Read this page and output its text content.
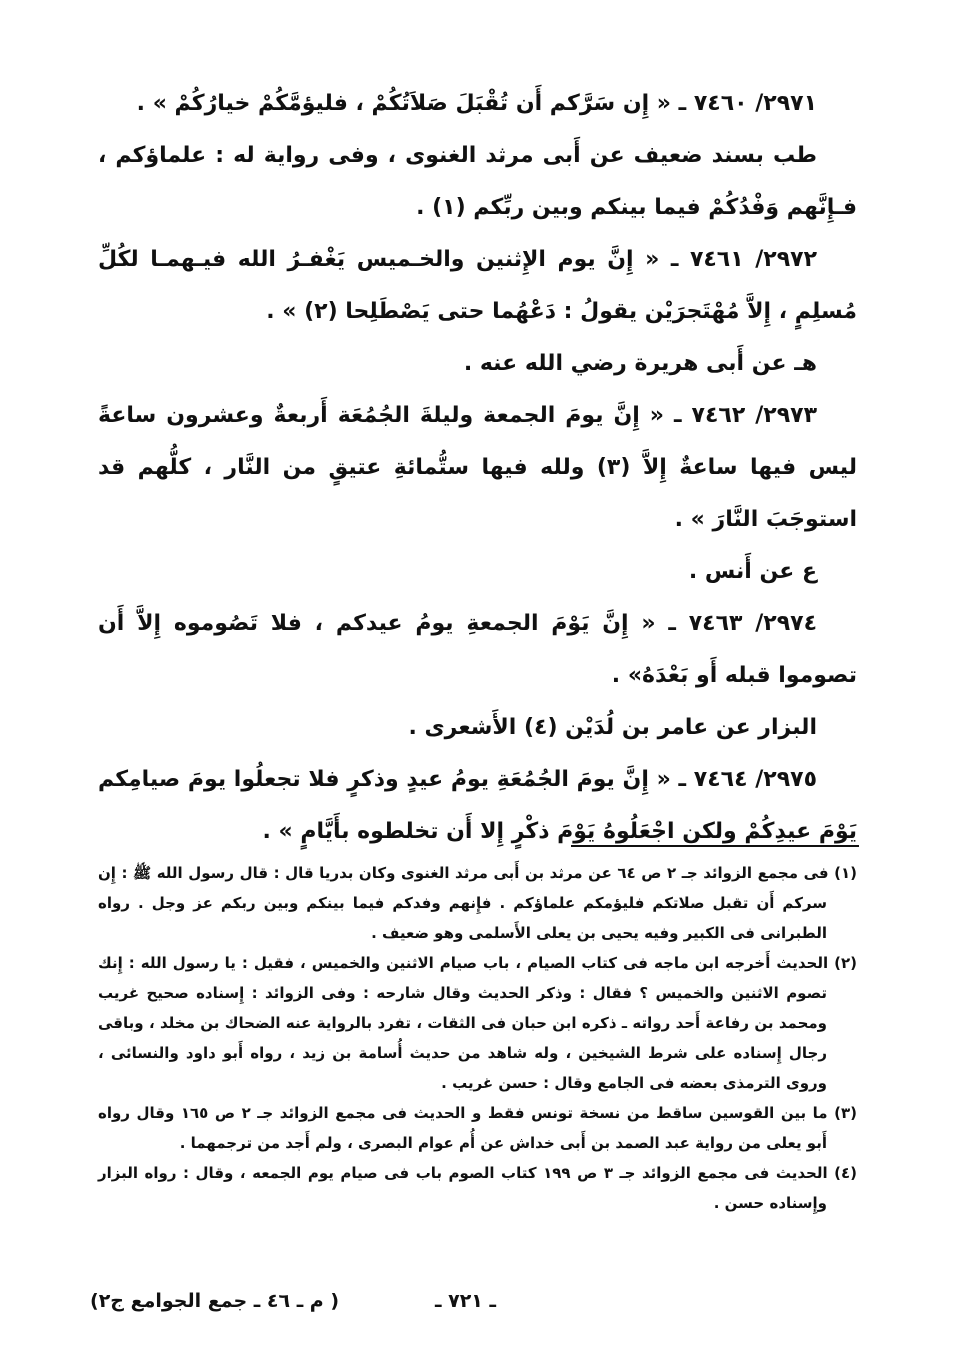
٢٩٧١/ ٧٤٦٠ ـ « إِن سَرَّكم أَن تُقْبَلَ صَلاَتُكُمْ ، فليؤمَّكُمْ خيارُكُمْ » .

طب بسند ضعيف عن أَبى مرثد الغنوى ، وفى رواية له : علماؤكم ، فـإِنَّهم وَفْدُكُمْ فيما بينكم وبين ربِّكم (١) .

٢٩٧٢/ ٧٤٦١ ـ « إِنَّ يوم الإِثنين والخـميس يَغْفـرُ الله فيـهمـا لكُلِّ مُسلِمٍ ، إِلاَّ مُهْتَجرَيْن يقولُ : دَعْهُما حتى يَصْطَلِحا (٢) » .

هـ عن أَبى هريرة رضي الله عنه .

٢٩٧٣/ ٧٤٦٢ ـ « إِنَّ يومَ الجمعة وليلةَ الجُمُعَة أَربعةٌ وعشرون ساعةً ليس فيها ساعةٌ إِلاَّ (٣) ولله فيها ستُّمائةِ عتيقٍ من النَّار ، كلُّهم قد استوجَبَ النَّارَ » .

ع عن أَنس .

٢٩٧٤/ ٧٤٦٣ ـ « إِنَّ يَوْمَ الجمعةِ يومُ عيدكم ، فلا تَصُوموه إِلاَّ أَن تصوموا قبله أَو بَعْدَهُ» .

البزار عن عامر بن لُدَيْن (٤) الأَشعرى .

٢٩٧٥/ ٧٤٦٤ ـ « إِنَّ يومَ الجُمُعَةِ يومُ عيدٍ وذكرٍ فلا تجعلُوا يومَ صيامِكم يَوْمَ عيدِكُمْ ولكن اجْعَلُوهُ يَوْمَ ذكْرٍ إِلا أَن تخلطوه بأَيَّامٍ » .

(١) فى مجمع الزوائد جـ ٢ ص ٦٤ عن مرثد بن أَبى مرثد الغنوى وكان بدريا قال : قال رسول الله ﷺ : إِن سركم أَن تقبل صلاتكم فليؤمكم علماؤكم . فإِنهم وفدكم فيما بينكم وبين ربكم عز وجل . رواه الطبرانى فى الكبير وفيه يحيى بن يعلى الأَسلمى وهو ضعيف .

(٢) الحديث أَخرجه ابن ماجه فى كتاب الصيام ، باب صيام الاثنين والخميس ، فقيل : يا رسول الله : إِنك تصوم الاثنين والخميس ؟ فقال : وذكر الحديث وقال شارحه : وفى الزوائد : إِسناده صحيح غريب ومحمد بن رفاعة أَحد رواته ـ ذكره ابن حبان فى الثقات ، تفرد بالرواية عنه الضحاك بن مخلد ، وباقى رجال إِسناده على شرط الشيخين ، وله شاهد من حديث أُسامة بن زيد ، رواه أَبو داود والنسائى ، وروى الترمذى بعضه فى الجامع وقال : حسن غريب .

(٣) ما بين القوسين ساقط من نسخة تونس فقط و الحديث فى مجمع الزوائد جـ ٢ ص ١٦٥ وقال رواه أَبو يعلى من رواية عبد الصمد بن أَبى خداش عن أُم عوام البصرى ، ولم أَجد من ترجمهما .

(٤) الحديث فى مجمع الزوائد جـ ٣ ص ١٩٩ كتاب الصوم باب فى صيام يوم الجمعه ، وقال : رواه البزار وإِسناده حسن .

ـ ٧٢١ ـ
( م ـ ٤٦ ـ جمع الجوامع ج٢)
